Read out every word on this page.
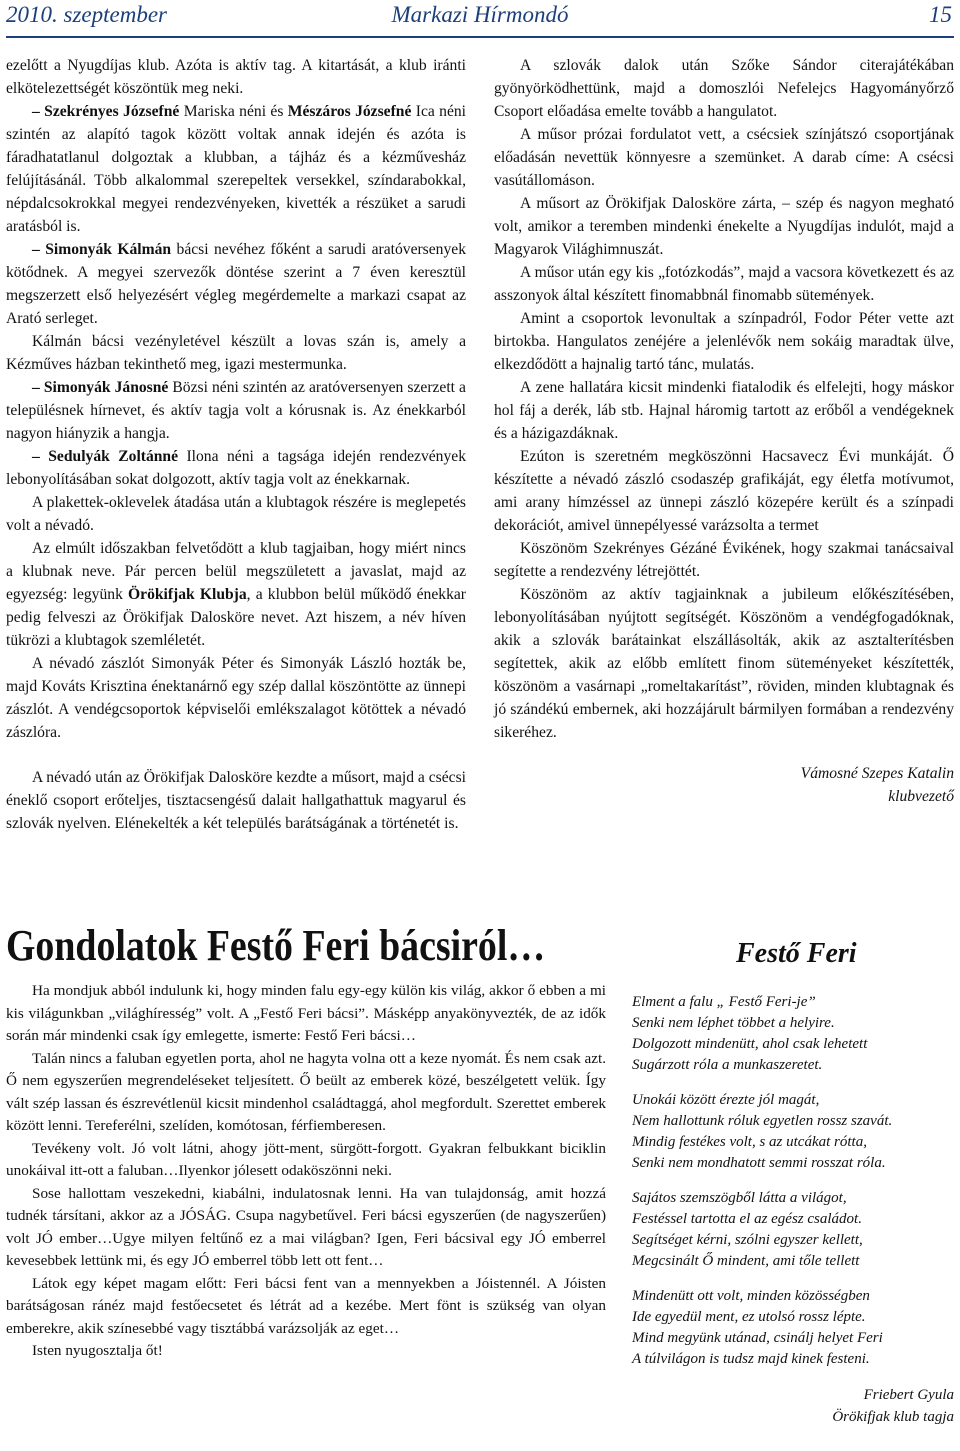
2010. szeptember	Markazi Hírmondó	15

ezelőtt a Nyugdíjas klub. Azóta is aktív tag. A kitartását, a klub iránti elkötelezettségét köszöntük meg neki.

– Szekrényes Józsefné Mariska néni és Mészáros Józsefné Ica néni szintén az alapító tagok között voltak annak idején és azóta is fáradhatatlanul dolgoztak a klubban, a tájház és a kézművesház felújításánál. Több alkalommal szerepeltek versekkel, színdarabokkal, népdalcsokrokkal megyei rendezvényeken, kivették a részüket a sarudi aratásból is.

– Simonyák Kálmán bácsi nevéhez főként a sarudi aratóversenyek kötődnek. A megyei szervezők döntése szerint a 7 éven keresztül megszerzett első helyezésért végleg megérdemelte a markazi csapat az Arató serleget.

Kálmán bácsi vezényletével készült a lovas szán is, amely a Kézműves házban tekinthető meg, igazi mestermunka.

– Simonyák Jánosné Bözsi néni szintén az aratóversenyen szerzett a településnek hírnevet, és aktív tagja volt a kórusnak is. Az énekkarból nagyon hiányzik a hangja.

– Sedulyák Zoltánné Ilona néni a tagsága idején rendezvények lebonyolításában sokat dolgozott, aktív tagja volt az énekkarnak.

A plakettek-oklevelek átadása után a klubtagok részére is meglepetés volt a névadó.

Az elmúlt időszakban felvetődött a klub tagjaiban, hogy miért nincs a klubnak neve. Pár percen belül megszületett a javaslat, majd az egyezség: legyünk Örökifjak Klubja, a klubbon belül működő énekkar pedig felveszi az Örökifjak Dalosköre nevet. Azt hiszem, a név híven tükrözi a klubtagok szemléletét.

A névadó zászlót Simonyák Péter és Simonyák László hozták be, majd Kováts Krisztina énektanárnő egy szép dallal köszöntötte az ünnepi zászlót. A vendégcsoportok képviselői emlékszalagot kötöttek a névadó zászlóra.

A névadó után az Örökifjak Dalosköre kezdte a műsort, majd a csécsi éneklő csoport erőteljes, tisztacsengésű dalait hallgathattuk magyarul és szlovák nyelven. Elénekelték a két település barátságának a történetét is.

A szlovák dalok után Szőke Sándor citerajátékában gyönyörködhettünk, majd a domoszlói Nefelejcs Hagyományőrző Csoport előadása emelte tovább a hangulatot.

A műsor prózai fordulatot vett, a csécsiek színjátszó csoportjának előadásán nevettük könnyesre a szemünket. A darab címe: A csécsi vasútállomáson.

A műsort az Örökifjak Dalosköre zárta, – szép és nagyon megható volt, amikor a teremben mindenki énekelte a Nyugdíjas indulót, majd a Magyarok Világhimnuszát.

A műsor után egy kis „fotózkodás”, majd a vacsora következett és az asszonyok által készített finomabbnál finomabb sütemények.

Amint a csoportok levonultak a színpadról, Fodor Péter vette azt birtokba. Hangulatos zenéjére a jelenlévők nem sokáig maradtak ülve, elkezdődött a hajnalig tartó tánc, mulatás.

A zene hallatára kicsit mindenki fiatalodik és elfelejti, hogy máskor hol fáj a derék, láb stb. Hajnal háromig tartott az erőből a vendégeknek és a házigazdáknak.

Ezúton is szeretném megköszönni Hacsavecz Évi munkáját. Ő készítette a névadó zászló csodaszép grafikáját, egy életfa motívumot, ami arany hímzéssel az ünnepi zászló közepére került és a színpadi dekorációt, amivel ünnepélyessé varázsolta a termet

Köszönöm Szekrényes Gézáné Évikének, hogy szakmai tanácsaival segítette a rendezvény létrejöttét.

Köszönöm az aktív tagjainknak a jubileum előkészítésében, lebonyolításában nyújtott segítségét. Köszönöm a vendégfogadóknak, akik a szlovák barátainkat elszállásolták, akik az asztalterítésben segítettek, akik az előbb említett finom süteményeket készítették, köszönöm a vasárnapi „romeltakarítást”, röviden, minden klubtagnak és jó szándékú embernek, aki hozzájárult bármilyen formában a rendezvény sikeréhez.

Vámosné Szepes Katalin
klubvezető
Gondolatok Festő Feri bácsiról…

Ha mondjuk abból indulunk ki, hogy minden falu egy-egy külön kis világ, akkor ő ebben a mi kis világunkban „világhíresség” volt. A „Festő Feri bácsi”. Másképp anyakönyvezték, de az idők során már mindenki csak így emlegette, ismerte: Festő Feri bácsi…

Talán nincs a faluban egyetlen porta, ahol ne hagyta volna ott a keze nyomát. És nem csak azt. Ő nem egyszerűen megrendeléseket teljesített. Ő beült az emberek közé, beszélgetett velük. Így vált szép lassan és észrevétlenül kicsit mindenhol családtaggá, ahol megfordult. Szerettet emberek között lenni. Tereferélni, szelíden, komótosan, férfiemberesen.

Tevékeny volt. Jó volt látni, ahogy jött-ment, sürgött-forgott. Gyakran felbukkant biciklin unokáival itt-ott a faluban…Ilyenkor jólesett odaköszönni neki.

Sose hallottam veszekedni, kiabálni, indulatosnak lenni. Ha van tulajdonság, amit hozzá tudnék társítani, akkor az a JÓSÁG. Csupa nagybetűvel. Feri bácsi egyszerűen (de nagyszerűen) volt JÓ ember…Ugye milyen feltűnő ez a mai világban? Igen, Feri bácsival egy JÓ emberrel kevesebbek lettünk mi, és egy JÓ emberrel több lett ott fent…

Látok egy képet magam előtt: Feri bácsi fent van a mennyekben a Jóistennél. A Jóisten barátságosan ránéz majd festőecsetet és létrát ad a kezébe. Mert fönt is szükség van olyan emberekre, akik színesebbé vagy tisztábbá varázsolják az eget…

Isten nyugosztalja őt!

Festő Feri
Elment a falu „ Festő Feri-je”
Senki nem léphet többet a helyire.
Dolgozott mindenütt, ahol csak lehetett
Sugárzott róla a munkaszeretet.
Unokái között érezte jól magát,
Nem hallottunk róluk egyetlen rossz szavát.
Mindig festékes volt, s az utcákat rótta,
Senki nem mondhatott semmi rosszat róla.
Sajátos szemszögből látta a világot,
Festéssel tartotta el az egész családot.
Segítséget kérni, szólni egyszer kellett,
Megcsinált Ő mindent, ami tőle tellett
Mindenütt ott volt, minden közösségben
Ide egyedül ment, ez utolsó rossz lépte.
Mind megyünk utánad, csinálj helyet Feri
A túlvilágon is tudsz majd kinek festeni.
Friebert Gyula
Örökifjak klub tagja
